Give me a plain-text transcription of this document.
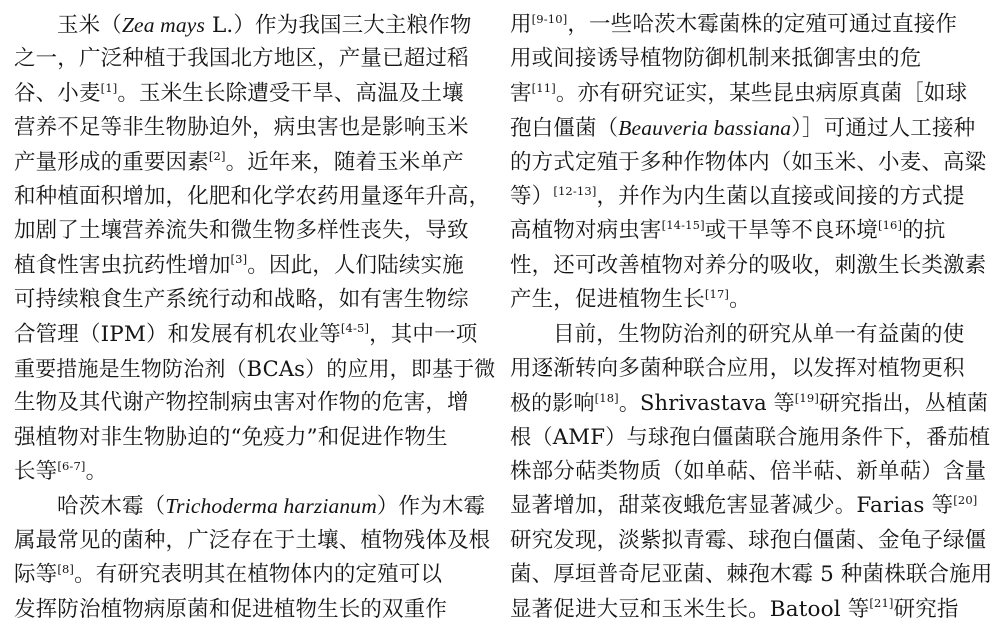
玉米（Zea mays L.）作为我国三大主粮作物
之一，广泛种植于我国北方地区，产量已超过稻
谷、小麦[1]。玉米生长除遭受干旱、高温及土壤
营养不足等非生物胁迫外，病虫害也是影响玉米
产量形成的重要因素[2]。近年来，随着玉米单产
和种植面积增加，化肥和化学农药用量逐年升高，
加剧了土壤营养流失和微生物多样性丧失，导致
植食性害虫抗药性增加[3]。因此，人们陆续实施
可持续粮食生产系统行动和战略，如有害生物综
合管理（IPM）和发展有机农业等[4-5]，其中一项
重要措施是生物防治剂（BCAs）的应用，即基于微
生物及其代谢产物控制病虫害对作物的危害，增
强植物对非生物胁迫的“免疫力”和促进作物生
长等[6-7]。
哈茨木霉（Trichoderma harzianum）作为木霉
属最常见的菌种，广泛存在于土壤、植物残体及根
际等[8]。有研究表明其在植物体内的定殖可以
发挥防治植物病原菌和促进植物生长的双重作
用[9-10]，一些哈茨木霉菌株的定殖可通过直接作
用或间接诱导植物防御机制来抵御害虫的危
害[11]。亦有研究证实，某些昆虫病原真菌［如球
孢白僵菌（Beauveria bassiana）］可通过人工接种
的方式定殖于多种作物体内（如玉米、小麦、高粱
等）[12-13]，并作为内生菌以直接或间接的方式提
高植物对病虫害[14-15]或干旱等不良环境[16]的抗
性，还可改善植物对养分的吸收，刺激生长类激素
产生，促进植物生长[17]。
目前，生物防治剂的研究从单一有益菌的使
用逐渐转向多菌种联合应用，以发挥对植物更积
极的影响[18]。Shrivastava 等[19]研究指出，丛植菌
根（AMF）与球孢白僵菌联合施用条件下，番茄植
株部分萜类物质（如单萜、倍半萜、新单萜）含量
显著增加，甜菜夜蛾危害显著减少。Farias 等[20]
研究发现，淡紫拟青霉、球孢白僵菌、金龟子绿僵
菌、厚垣普奇尼亚菌、棘孢木霉 5 种菌株联合施用
显著促进大豆和玉米生长。Batool 等[21]研究指
